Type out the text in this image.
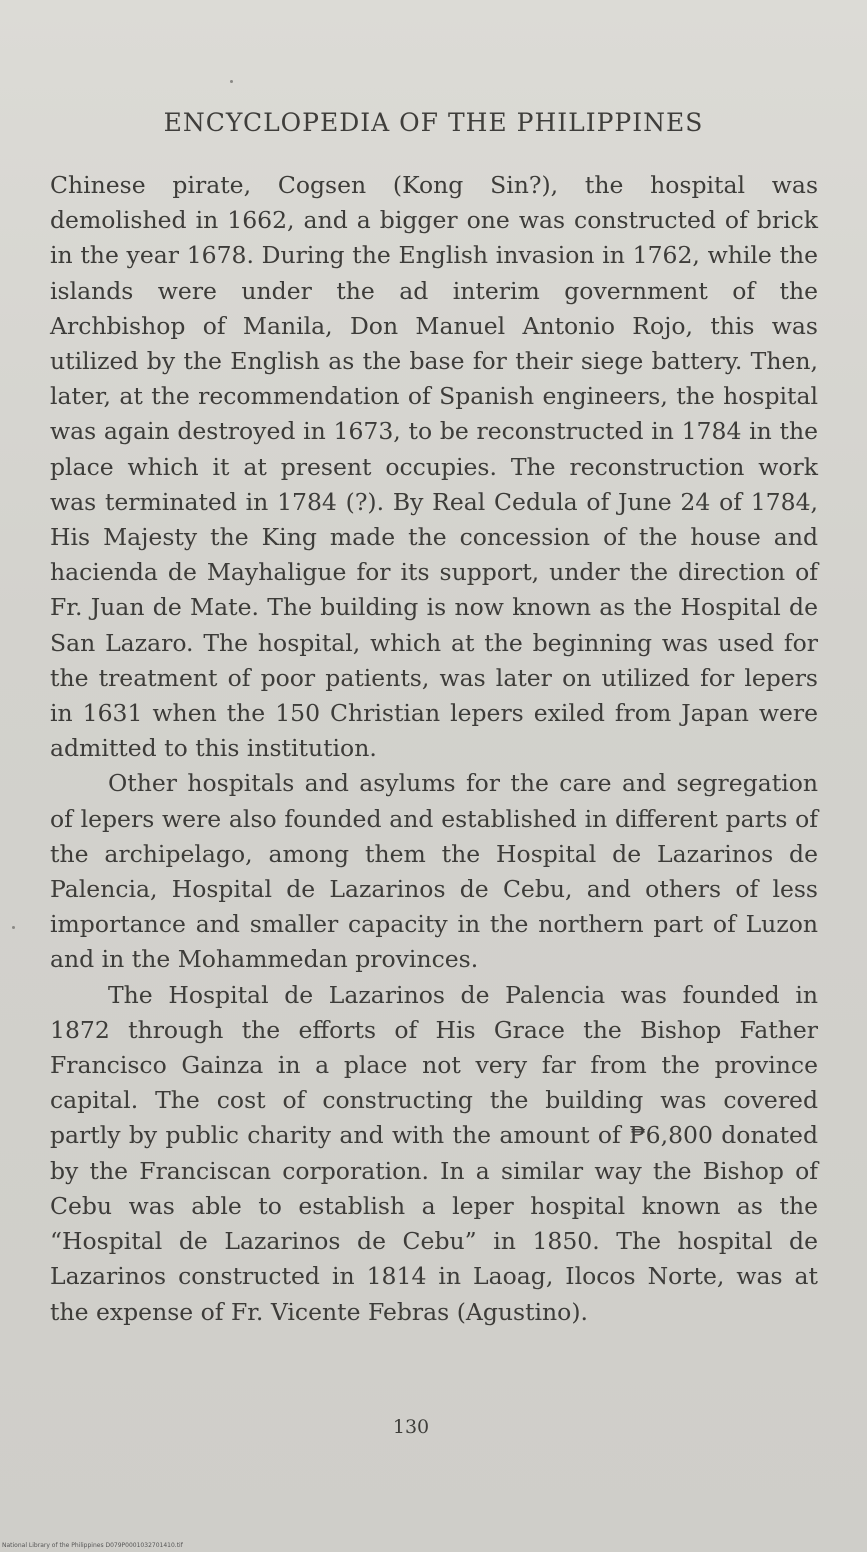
ENCYCLOPEDIA OF THE PHILIPPINES

Chinese pirate, Cogsen (Kong Sin?), the hospital was demolished in 1662, and a bigger one was constructed of brick in the year 1678. During the English invasion in 1762, while the islands were under the ad interim government of the Archbishop of Manila, Don Manuel Antonio Rojo, this was utilized by the English as the base for their siege battery. Then, later, at the recommendation of Spanish engineers, the hospital was again destroyed in 1673, to be reconstructed in 1784 in the place which it at present occupies. The reconstruction work was terminated in 1784 (?). By Real Cedula of June 24 of 1784, His Majesty the King made the concession of the house and hacienda de Mayhaligue for its support, under the direction of Fr. Juan de Mate. The building is now known as the Hospital de San Lazaro. The hospital, which at the beginning was used for the treatment of poor patients, was later on utilized for lepers in 1631 when the 150 Christian lepers exiled from Japan were admitted to this institution.

Other hospitals and asylums for the care and segregation of lepers were also founded and established in different parts of the archipelago, among them the Hospital de Lazarinos de Palencia, Hospital de Lazarinos de Cebu, and others of less importance and smaller capacity in the northern part of Luzon and in the Mohammedan provinces.

The Hospital de Lazarinos de Palencia was founded in 1872 through the efforts of His Grace the Bishop Father Francisco Gainza in a place not very far from the province capital. The cost of constructing the building was covered partly by public charity and with the amount of ₱6,800 donated by the Franciscan corporation. In a similar way the Bishop of Cebu was able to establish a leper hospital known as the “Hospital de Lazarinos de Cebu” in 1850. The hospital de Lazarinos constructed in 1814 in Laoag, Ilocos Norte, was at the expense of Fr. Vicente Febras (Agustino).

130
National Library of the Philippines D079P0001032701410.tif
